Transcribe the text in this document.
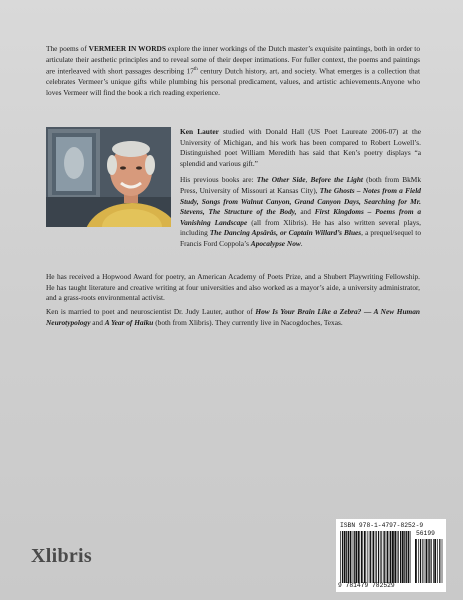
The poems of VERMEER IN WORDS explore the inner workings of the Dutch master’s exquisite paintings, both in order to articulate their aesthetic principles and to reveal some of their deeper intimations. For fuller context, the poems and paintings are interleaved with short passages describing 17th century Dutch history, art, and society. What emerges is a collection that celebrates Vermeer’s unique gifts while plumbing his personal predicament, values, and artistic achievements.Anyone who loves Vermeer will find the book a rich reading experience.

Ken Lauter studied with Donald Hall (US Poet Laureate 2006-07) at the University of Michigan, and his work has been compared to Robert Lowell’s. Distinguished poet William Meredith has said that Ken’s poetry displays “a splendid and various gift.”

His previous books are: The Other Side, Before the Light (both from BkMk Press, University of Missouri at Kansas City), The Ghosts – Notes from a Field Study, Songs from Walnut Canyon, Grand Canyon Days, Searching for Mr. Stevens, The Structure of the Body, and First Kingdoms – Poems from a Vanishing Landscape (all from Xlibris). He has also written several plays, including The Dancing Apsârâs, or Captain Willard’s Blues, a prequel/sequel to Francis Ford Coppola’s Apocalypse Now.

He has received a Hopwood Award for poetry, an American Academy of Poets Prize, and a Shubert Playwriting Fellowship. He has taught literature and creative writing at four universities and also worked as a mayor’s aide, a university administrator, and a grass-roots environmental activist.

Ken is married to poet and neuroscientist Dr. Judy Lauter, author of How Is Your Brain Like a Zebra? — A New Human Neurotypology and A Year of Haiku (both from Xlibris). They currently live in Nacogdoches, Texas.

Xlibris
ISBN 978-1-4797-8252-9
56199
9 781479 782529
